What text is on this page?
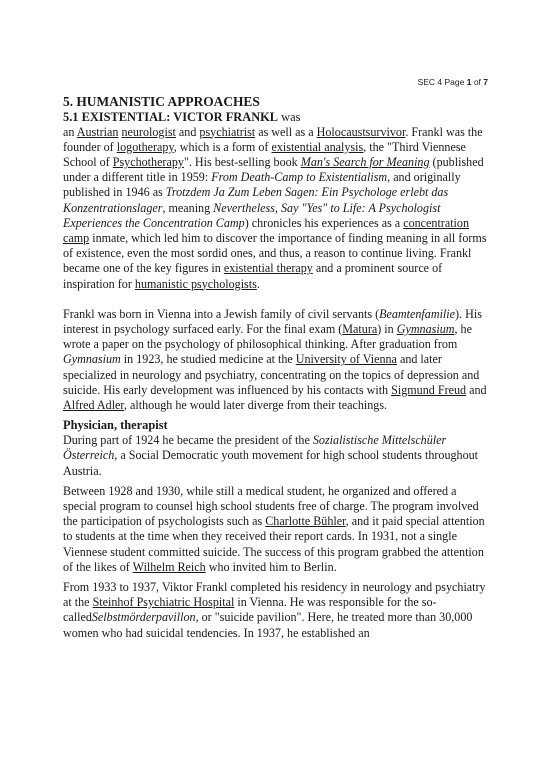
SEC 4 Page 1 of 7

5. HUMANISTIC APPROACHES

5.1 EXISTENTIAL: VICTOR FRANKL was

an Austrian neurologist and psychiatrist as well as a Holocaustsurvivor. Frankl was the founder of logotherapy, which is a form of existential analysis, the "Third Viennese School of Psychotherapy". His best-selling book Man's Search for Meaning (published under a different title in 1959: From Death-Camp to Existentialism, and originally published in 1946 as Trotzdem Ja Zum Leben Sagen: Ein Psychologe erlebt das Konzentrationslager, meaning Nevertheless, Say "Yes" to Life: A Psychologist Experiences the Concentration Camp) chronicles his experiences as a concentration camp inmate, which led him to discover the importance of finding meaning in all forms of existence, even the most sordid ones, and thus, a reason to continue living. Frankl became one of the key figures in existential therapy and a prominent source of inspiration for humanistic psychologists.

Frankl was born in Vienna into a Jewish family of civil servants (Beamtenfamilie). His interest in psychology surfaced early. For the final exam (Matura) in Gymnasium, he wrote a paper on the psychology of philosophical thinking. After graduation from Gymnasium in 1923, he studied medicine at the University of Vienna and later specialized in neurology and psychiatry, concentrating on the topics of depression and suicide. His early development was influenced by his contacts with Sigmund Freud and Alfred Adler, although he would later diverge from their teachings.

Physician, therapist

During part of 1924 he became the president of the Sozialistische Mittelschüler Österreich, a Social Democratic youth movement for high school students throughout Austria.

Between 1928 and 1930, while still a medical student, he organized and offered a special program to counsel high school students free of charge. The program involved the participation of psychologists such as Charlotte Bühler, and it paid special attention to students at the time when they received their report cards. In 1931, not a single Viennese student committed suicide. The success of this program grabbed the attention of the likes of Wilhelm Reich who invited him to Berlin.

From 1933 to 1937, Viktor Frankl completed his residency in neurology and psychiatry at the Steinhof Psychiatric Hospital in Vienna. He was responsible for the so-calledSelbstmörderpavillon, or "suicide pavilion". Here, he treated more than 30,000 women who had suicidal tendencies. In 1937, he established an
